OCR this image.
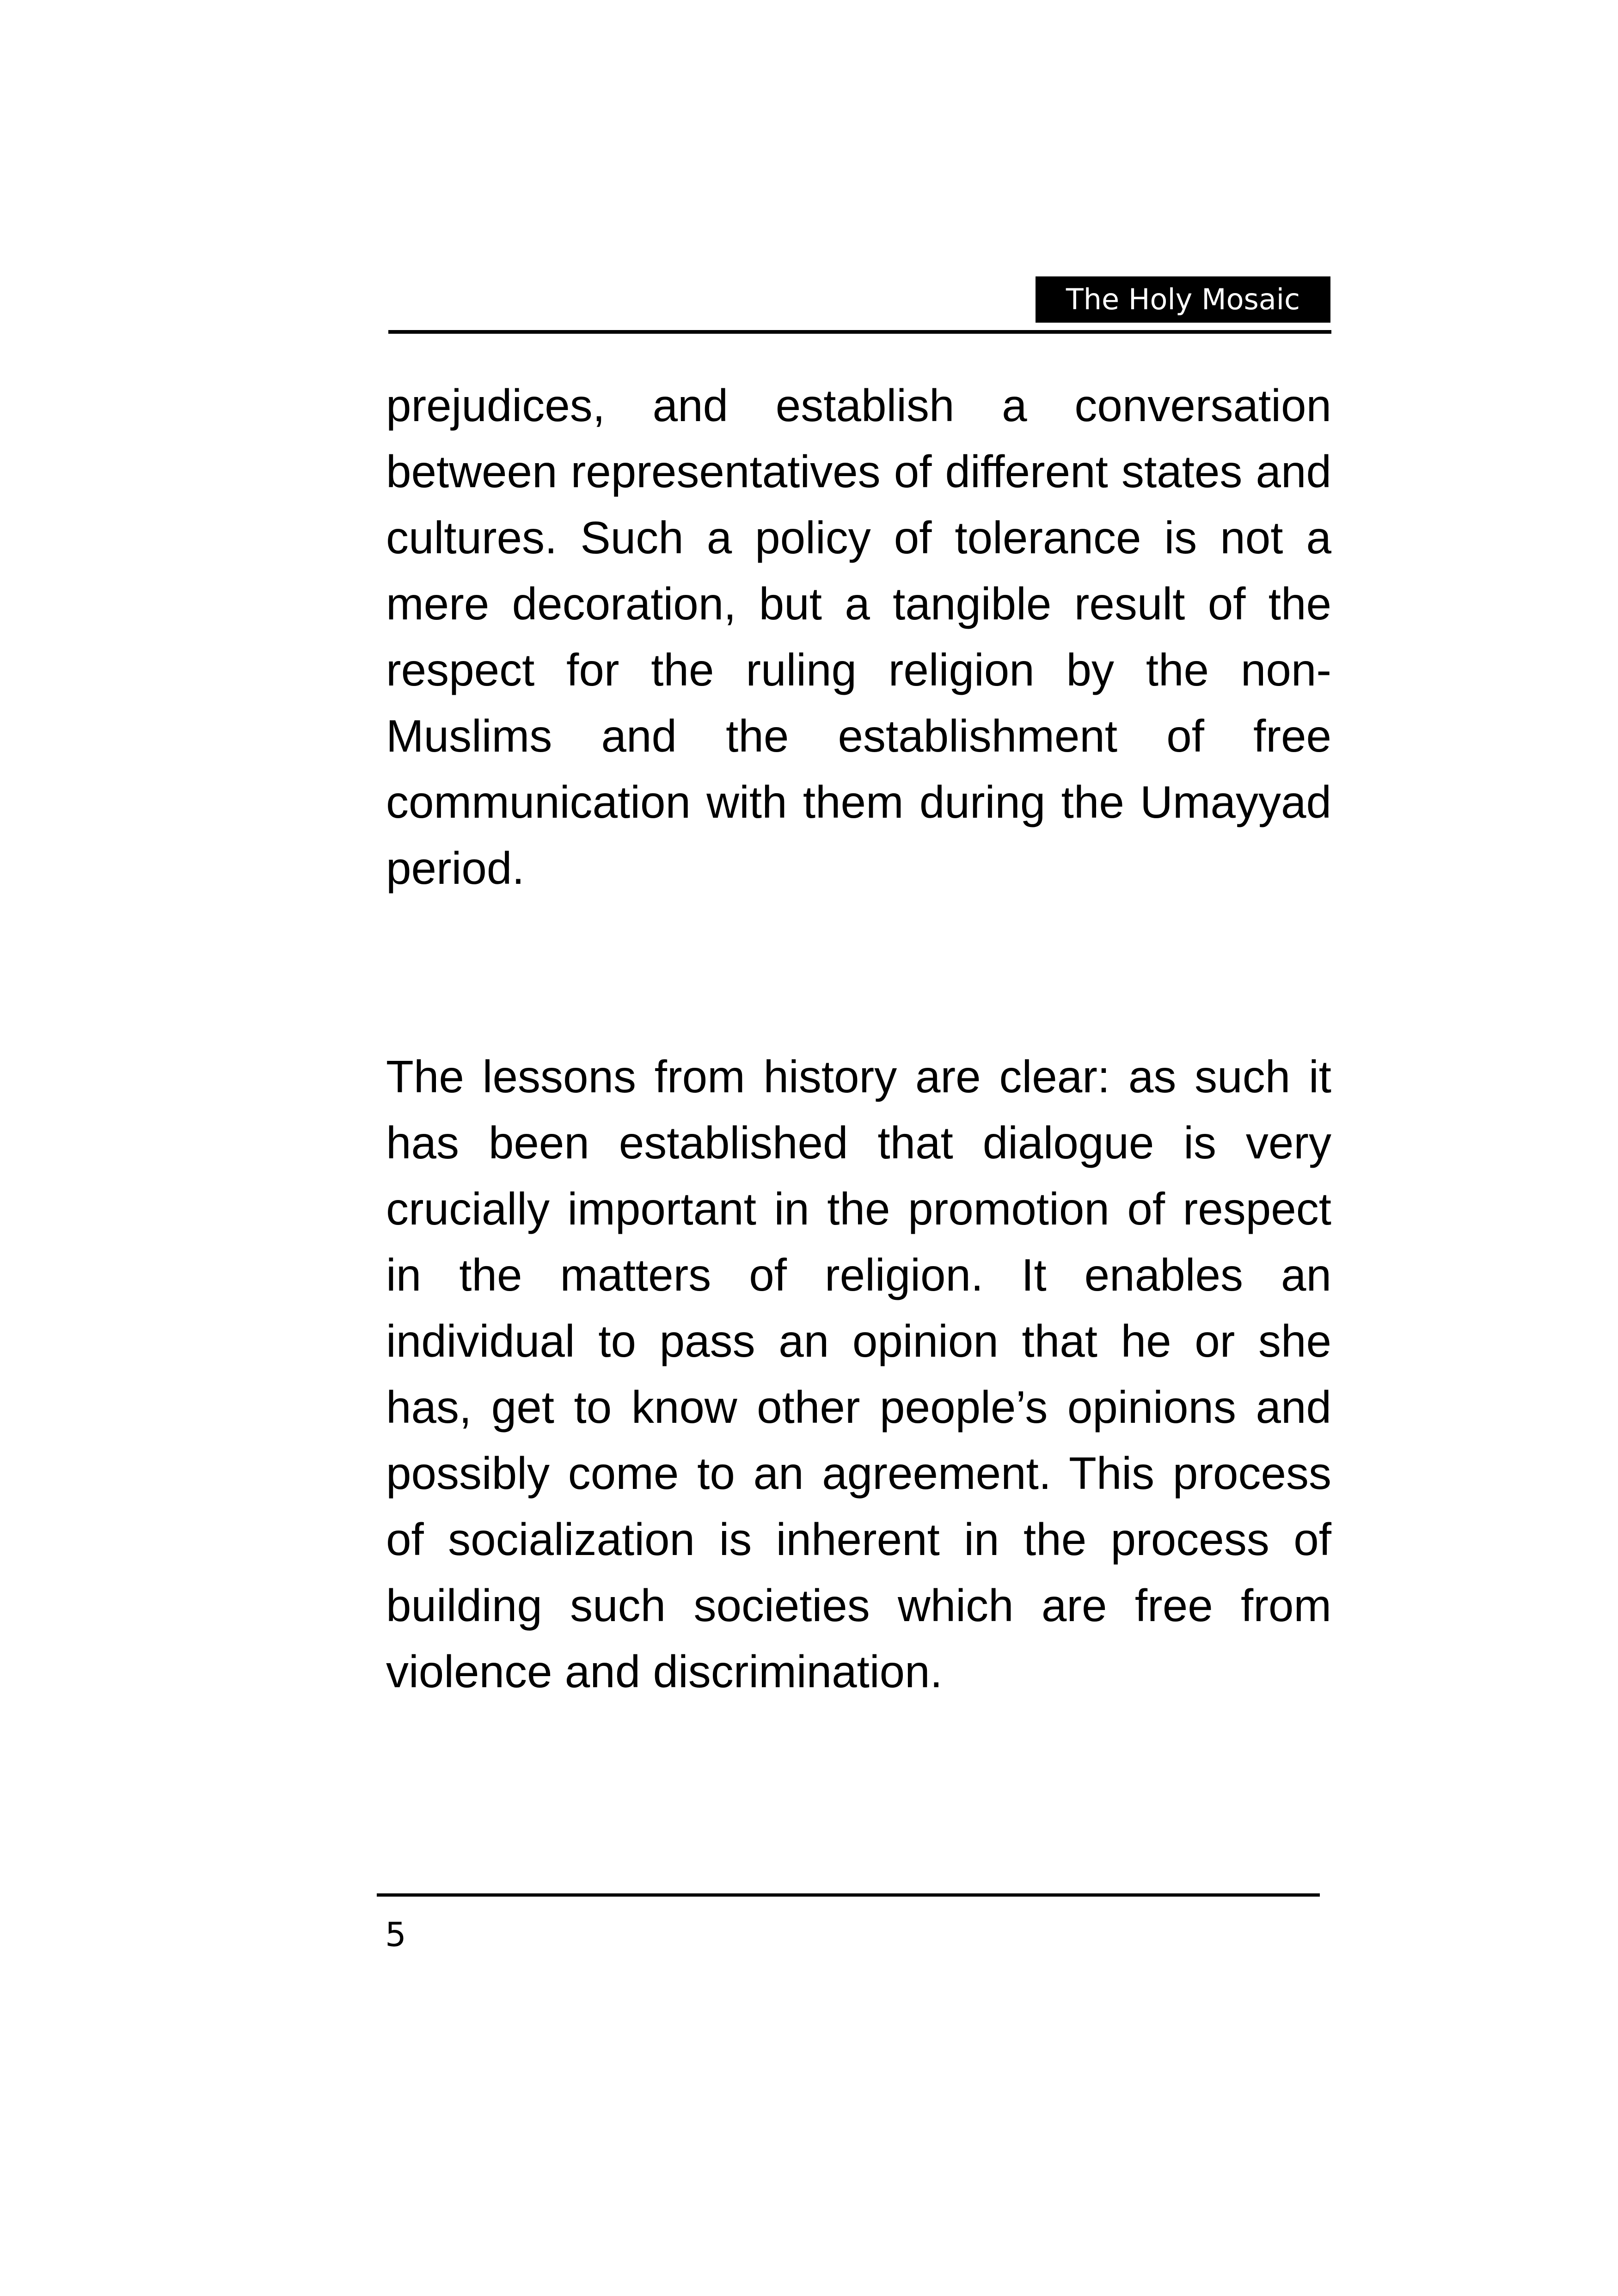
The Holy Mosaic

prejudices, and establish a conversation between representatives of different states and cultures. Such a policy of tolerance is not a mere decoration, but a tangible result of the respect for the ruling religion by the non-Muslims and the establishment of free communication with them during the Umayyad period.

The lessons from history are clear: as such it has been established that dialogue is very crucially important in the promotion of respect in the matters of religion. It enables an individual to pass an opinion that he or she has, get to know other people’s opinions and possibly come to an agreement. This process of socialization is inherent in the process of building such societies which are free from violence and discrimination.

5
